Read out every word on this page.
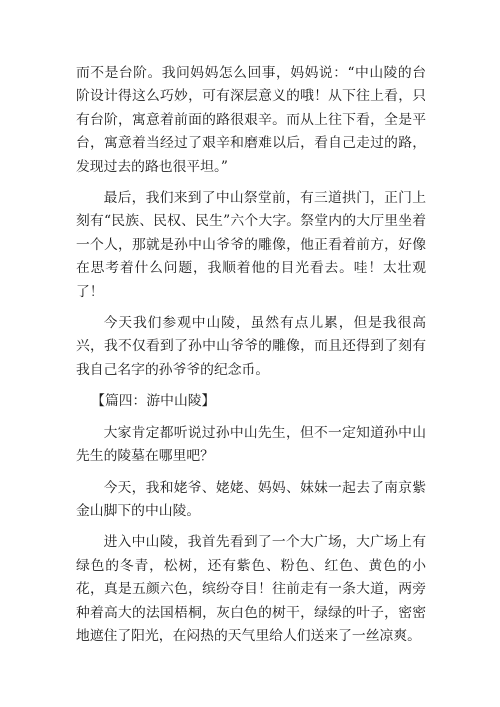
而不是台阶。我问妈妈怎么回事，妈妈说：“中山陵的台阶设计得这么巧妙，可有深层意义的哦！从下往上看，只有台阶，寓意着前面的路很艰辛。而从上往下看，全是平台，寓意着当经过了艰辛和磨难以后，看自己走过的路，发现过去的路也很平坦。”

最后，我们来到了中山祭堂前，有三道拱门，正门上刻有“民族、民权、民生”六个大字。祭堂内的大厅里坐着一个人，那就是孙中山爷爷的雕像，他正看着前方，好像在思考着什么问题，我顺着他的目光看去。哇！太壮观了！

今天我们参观中山陵，虽然有点儿累，但是我很高兴，我不仅看到了孙中山爷爷的雕像，而且还得到了刻有我自己名字的孙爷爷的纪念币。

【篇四：游中山陵】

大家肯定都听说过孙中山先生，但不一定知道孙中山先生的陵墓在哪里吧？

今天，我和姥爷、姥姥、妈妈、妹妹一起去了南京紫金山脚下的中山陵。

进入中山陵，我首先看到了一个大广场，大广场上有绿色的冬青，松树，还有紫色、粉色、红色、黄色的小花，真是五颜六色，缤纷夺目！往前走有一条大道，两旁种着高大的法国梧桐，灰白色的树干，绿绿的叶子，密密地遮住了阳光，在闷热的天气里给人们送来了一丝凉爽。
